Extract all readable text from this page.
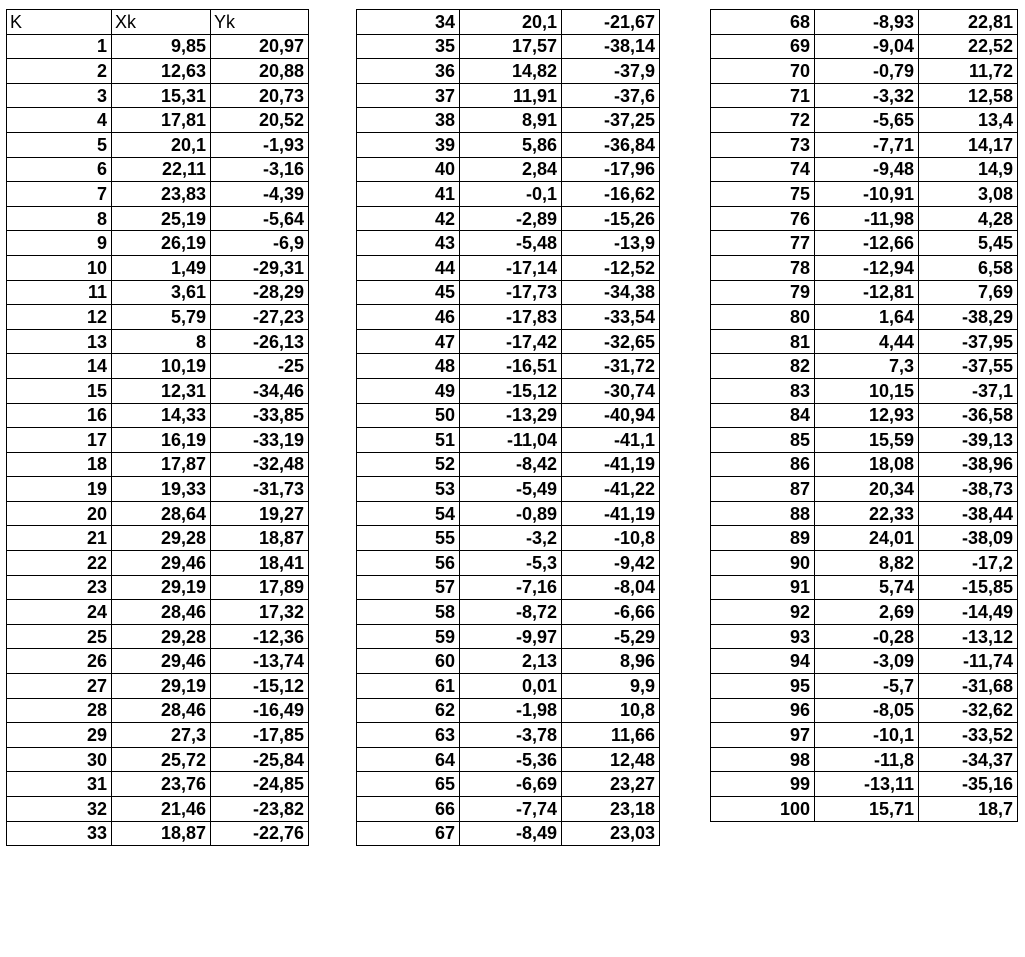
K	Xk	Yk
1	9,85	20,97
2	12,63	20,88
3	15,31	20,73
4	17,81	20,52
5	20,1	-1,93
6	22,11	-3,16
7	23,83	-4,39
8	25,19	-5,64
9	26,19	-6,9
10	1,49	-29,31
11	3,61	-28,29
12	5,79	-27,23
13	8	-26,13
14	10,19	-25
15	12,31	-34,46
16	14,33	-33,85
17	16,19	-33,19
18	17,87	-32,48
19	19,33	-31,73
20	28,64	19,27
21	29,28	18,87
22	29,46	18,41
23	29,19	17,89
24	28,46	17,32
25	29,28	-12,36
26	29,46	-13,74
27	29,19	-15,12
28	28,46	-16,49
29	27,3	-17,85
30	25,72	-25,84
31	23,76	-24,85
32	21,46	-23,82
33	18,87	-22,76
34	20,1	-21,67
35	17,57	-38,14
36	14,82	-37,9
37	11,91	-37,6
38	8,91	-37,25
39	5,86	-36,84
40	2,84	-17,96
41	-0,1	-16,62
42	-2,89	-15,26
43	-5,48	-13,9
44	-17,14	-12,52
45	-17,73	-34,38
46	-17,83	-33,54
47	-17,42	-32,65
48	-16,51	-31,72
49	-15,12	-30,74
50	-13,29	-40,94
51	-11,04	-41,1
52	-8,42	-41,19
53	-5,49	-41,22
54	-0,89	-41,19
55	-3,2	-10,8
56	-5,3	-9,42
57	-7,16	-8,04
58	-8,72	-6,66
59	-9,97	-5,29
60	2,13	8,96
61	0,01	9,9
62	-1,98	10,8
63	-3,78	11,66
64	-5,36	12,48
65	-6,69	23,27
66	-7,74	23,18
67	-8,49	23,03
68	-8,93	22,81
69	-9,04	22,52
70	-0,79	11,72
71	-3,32	12,58
72	-5,65	13,4
73	-7,71	14,17
74	-9,48	14,9
75	-10,91	3,08
76	-11,98	4,28
77	-12,66	5,45
78	-12,94	6,58
79	-12,81	7,69
80	1,64	-38,29
81	4,44	-37,95
82	7,3	-37,55
83	10,15	-37,1
84	12,93	-36,58
85	15,59	-39,13
86	18,08	-38,96
87	20,34	-38,73
88	22,33	-38,44
89	24,01	-38,09
90	8,82	-17,2
91	5,74	-15,85
92	2,69	-14,49
93	-0,28	-13,12
94	-3,09	-11,74
95	-5,7	-31,68
96	-8,05	-32,62
97	-10,1	-33,52
98	-11,8	-34,37
99	-13,11	-35,16
100	15,71	18,7
